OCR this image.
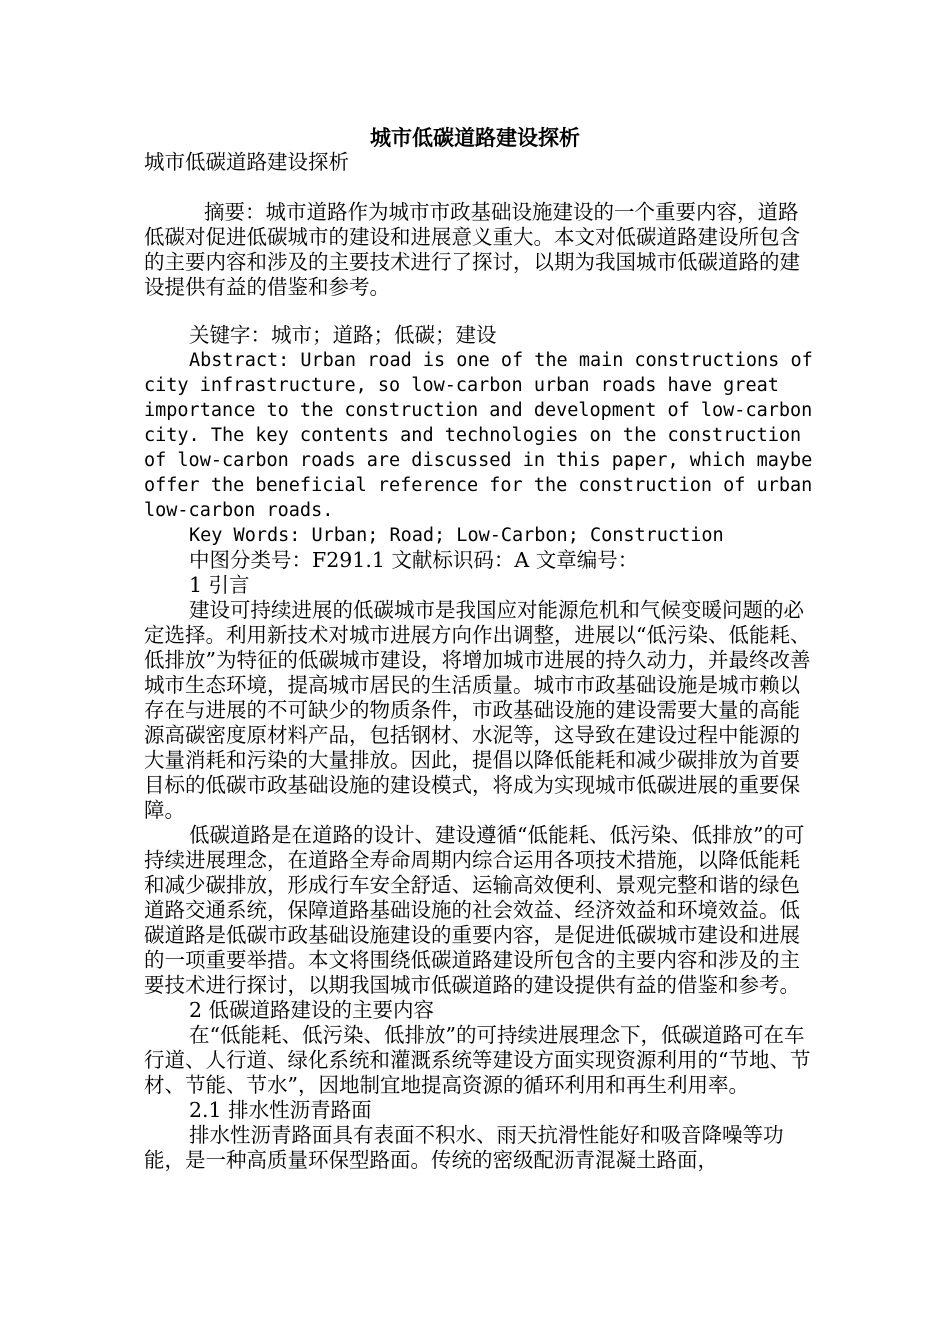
城市低碳道路建设探析

城市低碳道路建设探析

摘要：城市道路作为城市市政基础设施建设的一个重要内容，道路低碳对促进低碳城市的建设和进展意义重大。本文对低碳道路建设所包含的主要内容和涉及的主要技术进行了探讨，以期为我国城市低碳道路的建设提供有益的借鉴和参考。

关键字：城市；道路；低碳；建设

Abstract: Urban road is one of the main constructions of city infrastructure, so low-carbon urban roads have great importance to the construction and development of low-carbon city. The key contents and technologies on the construction of low-carbon roads are discussed in this paper, which maybe offer the beneficial reference for the construction of urban low-carbon roads.

Key Words: Urban; Road; Low-Carbon; Construction

中图分类号：F291.1 文献标识码：A 文章编号：

1 引言

建设可持续进展的低碳城市是我国应对能源危机和气候变暖问题的必定选择。利用新技术对城市进展方向作出调整，进展以“低污染、低能耗、低排放”为特征的低碳城市建设，将增加城市进展的持久动力，并最终改善城市生态环境，提高城市居民的生活质量。城市市政基础设施是城市赖以存在与进展的不可缺少的物质条件，市政基础设施的建设需要大量的高能源高碳密度原材料产品，包括钢材、水泥等，这导致在建设过程中能源的大量消耗和污染的大量排放。因此，提倡以降低能耗和减少碳排放为首要目标的低碳市政基础设施的建设模式，将成为实现城市低碳进展的重要保障。

低碳道路是在道路的设计、建设遵循“低能耗、低污染、低排放”的可持续进展理念，在道路全寿命周期内综合运用各项技术措施，以降低能耗和减少碳排放，形成行车安全舒适、运输高效便利、景观完整和谐的绿色道路交通系统，保障道路基础设施的社会效益、经济效益和环境效益。低碳道路是低碳市政基础设施建设的重要内容，是促进低碳城市建设和进展的一项重要举措。本文将围绕低碳道路建设所包含的主要内容和涉及的主要技术进行探讨，以期我国城市低碳道路的建设提供有益的借鉴和参考。

2 低碳道路建设的主要内容

在“低能耗、低污染、低排放”的可持续进展理念下，低碳道路可在车行道、人行道、绿化系统和灌溉系统等建设方面实现资源利用的“节地、节材、节能、节水”，因地制宜地提高资源的循环利用和再生利用率。

2.1 排水性沥青路面

排水性沥青路面具有表面不积水、雨天抗滑性能好和吸音降噪等功能，是一种高质量环保型路面。传统的密级配沥青混凝土路面，
